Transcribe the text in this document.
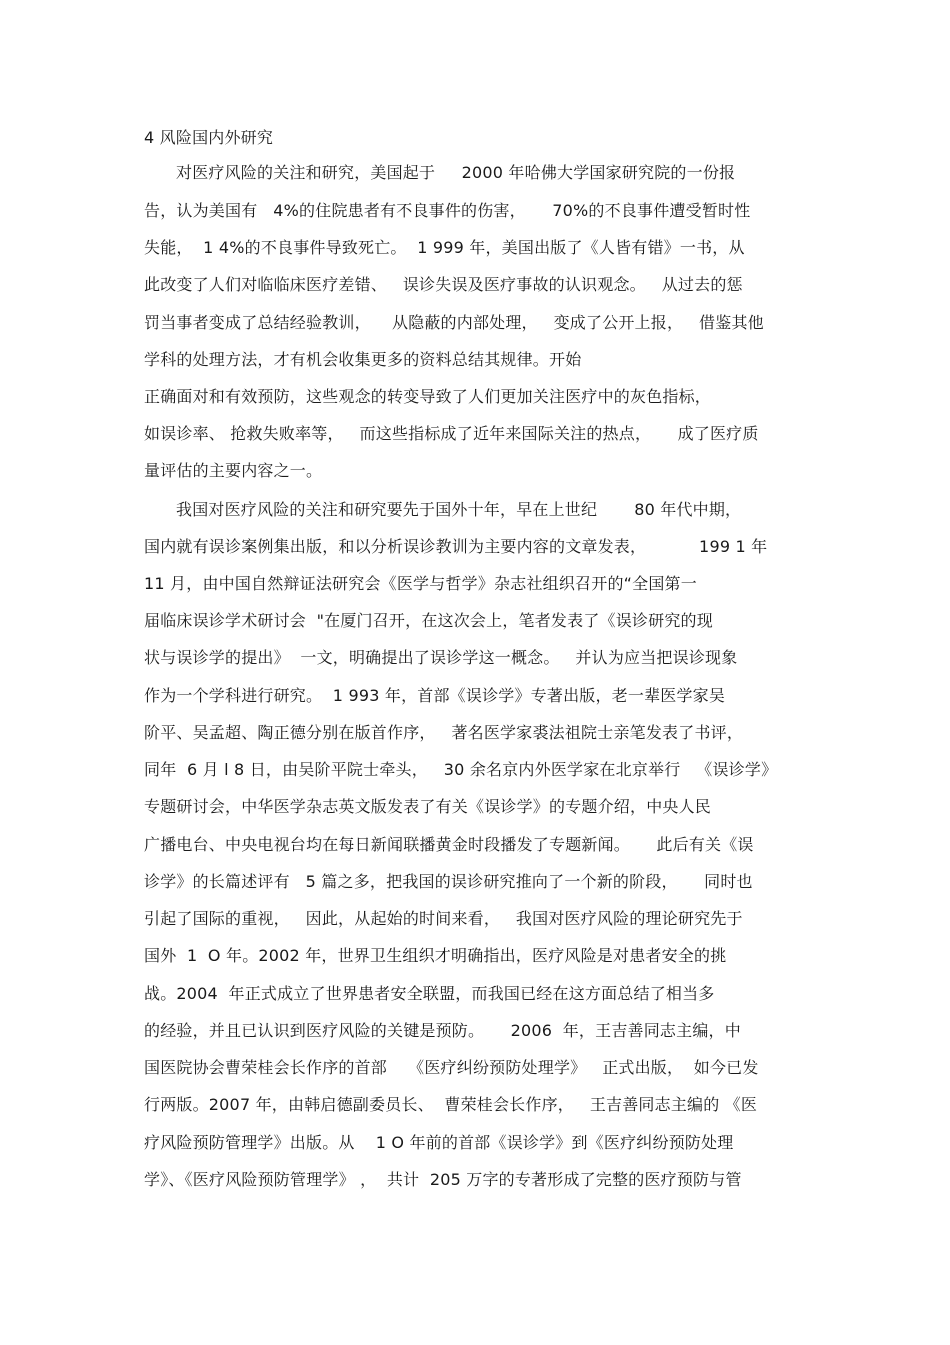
4 风险国内外研究
对医疗风险的关注和研究，美国起于     2000 年哈佛大学国家研究院的一份报
告，认为美国有   4%的住院患者有不良事件的伤害，     70%的不良事件遭受暂时性
失能，  1 4%的不良事件导致死亡。  1 999 年，美国出版了《人皆有错》一书，从
此改变了人们对临临床医疗差错、   误诊失误及医疗事故的认识观念。   从过去的惩
罚当事者变成了总结经验教训，    从隐蔽的内部处理，   变成了公开上报，   借鉴其他
学科的处理方法，才有机会收集更多的资料总结其规律。开始
正确面对和有效预防，这些观念的转变导致了人们更加关注医疗中的灰色指标，
如误诊率、 抢救失败率等，   而这些指标成了近年来国际关注的热点，     成了医疗质
量评估的主要内容之一。
我国对医疗风险的关注和研究要先于国外十年，早在上世纪       80 年代中期，
国内就有误诊案例集出版，和以分析误诊教训为主要内容的文章发表，          199 1 年
11 月，由中国自然辩证法研究会《医学与哲学》杂志社组织召开的“全国第一
届临床误诊学术研讨会  "在厦门召开，在这次会上，笔者发表了《误诊研究的现
状与误诊学的提出》  一文，明确提出了误诊学这一概念。   并认为应当把误诊现象
作为一个学科进行研究。  1 993 年，首部《误诊学》专著出版，老一辈医学家吴
阶平、吴孟超、陶正德分别在版首作序，   著名医学家裘法祖院士亲笔发表了书评，
同年  6 月 l 8 日，由吴阶平院士牵头，   30 余名京内外医学家在北京举行   《误诊学》
专题研讨会，中华医学杂志英文版发表了有关《误诊学》的专题介绍，中央人民
广播电台、中央电视台均在每日新闻联播黄金时段播发了专题新闻。     此后有关《误
诊学》的长篇述评有   5 篇之多，把我国的误诊研究推向了一个新的阶段，     同时也
引起了国际的重视，   因此，从起始的时间来看，   我国对医疗风险的理论研究先于
国外  1  O 年。2002 年，世界卫生组织才明确指出，医疗风险是对患者安全的挑
战。2004  年正式成立了世界患者安全联盟，而我国已经在这方面总结了相当多
的经验，并且已认识到医疗风险的关键是预防。     2006  年，王吉善同志主编，中
国医院协会曹荣桂会长作序的首部    《医疗纠纷预防处理学》   正式出版，  如今已发
行两版。2007 年，由韩启德副委员长、  曹荣桂会长作序，   王吉善同志主编的 《医
疗风险预防管理学》出版。从    1 O 年前的首部《误诊学》到《医疗纠纷预防处理
学》、《医疗风险预防管理学》 ，  共计  205 万字的专著形成了完整的医疗预防与管
